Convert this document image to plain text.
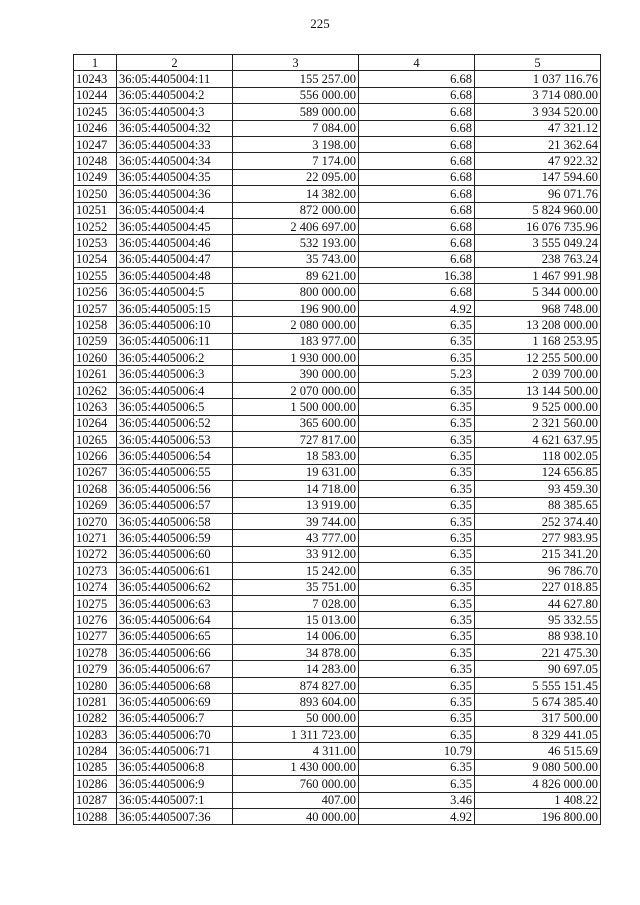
225
1	2	3	4	5
10243	36:05:4405004:11	155 257.00	6.68	1 037 116.76
10244	36:05:4405004:2	556 000.00	6.68	3 714 080.00
10245	36:05:4405004:3	589 000.00	6.68	3 934 520.00
10246	36:05:4405004:32	7 084.00	6.68	47 321.12
10247	36:05:4405004:33	3 198.00	6.68	21 362.64
10248	36:05:4405004:34	7 174.00	6.68	47 922.32
10249	36:05:4405004:35	22 095.00	6.68	147 594.60
10250	36:05:4405004:36	14 382.00	6.68	96 071.76
10251	36:05:4405004:4	872 000.00	6.68	5 824 960.00
10252	36:05:4405004:45	2 406 697.00	6.68	16 076 735.96
10253	36:05:4405004:46	532 193.00	6.68	3 555 049.24
10254	36:05:4405004:47	35 743.00	6.68	238 763.24
10255	36:05:4405004:48	89 621.00	16.38	1 467 991.98
10256	36:05:4405004:5	800 000.00	6.68	5 344 000.00
10257	36:05:4405005:15	196 900.00	4.92	968 748.00
10258	36:05:4405006:10	2 080 000.00	6.35	13 208 000.00
10259	36:05:4405006:11	183 977.00	6.35	1 168 253.95
10260	36:05:4405006:2	1 930 000.00	6.35	12 255 500.00
10261	36:05:4405006:3	390 000.00	5.23	2 039 700.00
10262	36:05:4405006:4	2 070 000.00	6.35	13 144 500.00
10263	36:05:4405006:5	1 500 000.00	6.35	9 525 000.00
10264	36:05:4405006:52	365 600.00	6.35	2 321 560.00
10265	36:05:4405006:53	727 817.00	6.35	4 621 637.95
10266	36:05:4405006:54	18 583.00	6.35	118 002.05
10267	36:05:4405006:55	19 631.00	6.35	124 656.85
10268	36:05:4405006:56	14 718.00	6.35	93 459.30
10269	36:05:4405006:57	13 919.00	6.35	88 385.65
10270	36:05:4405006:58	39 744.00	6.35	252 374.40
10271	36:05:4405006:59	43 777.00	6.35	277 983.95
10272	36:05:4405006:60	33 912.00	6.35	215 341.20
10273	36:05:4405006:61	15 242.00	6.35	96 786.70
10274	36:05:4405006:62	35 751.00	6.35	227 018.85
10275	36:05:4405006:63	7 028.00	6.35	44 627.80
10276	36:05:4405006:64	15 013.00	6.35	95 332.55
10277	36:05:4405006:65	14 006.00	6.35	88 938.10
10278	36:05:4405006:66	34 878.00	6.35	221 475.30
10279	36:05:4405006:67	14 283.00	6.35	90 697.05
10280	36:05:4405006:68	874 827.00	6.35	5 555 151.45
10281	36:05:4405006:69	893 604.00	6.35	5 674 385.40
10282	36:05:4405006:7	50 000.00	6.35	317 500.00
10283	36:05:4405006:70	1 311 723.00	6.35	8 329 441.05
10284	36:05:4405006:71	4 311.00	10.79	46 515.69
10285	36:05:4405006:8	1 430 000.00	6.35	9 080 500.00
10286	36:05:4405006:9	760 000.00	6.35	4 826 000.00
10287	36:05:4405007:1	407.00	3.46	1 408.22
10288	36:05:4405007:36	40 000.00	4.92	196 800.00
